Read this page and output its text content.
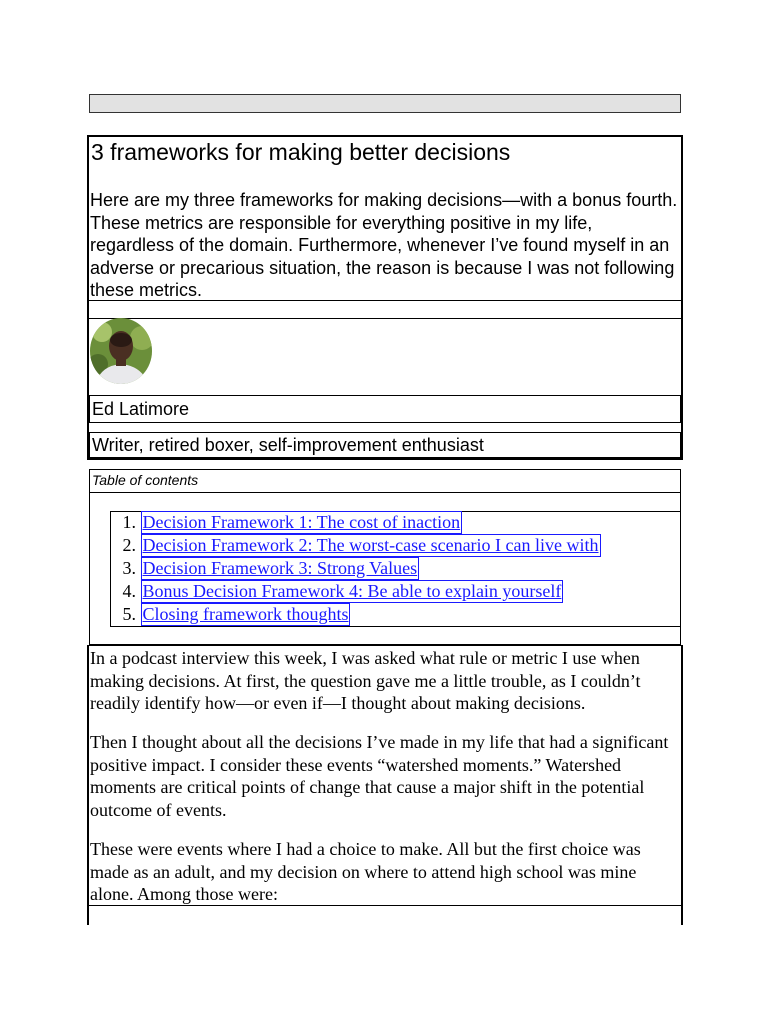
3 frameworks for making better decisions

Here are my three frameworks for making decisions—with a bonus fourth. These metrics are responsible for everything positive in my life, regardless of the domain. Furthermore, whenever I’ve found myself in an adverse or precarious situation, the reason is because I was not following these metrics.

Ed Latimore
Writer, retired boxer, self-improvement enthusiast
Table of contents
1.
Decision Framework 1: The cost of inaction
2.
Decision Framework 2: The worst-case scenario I can live with
3.
Decision Framework 3: Strong Values
4.
Bonus Decision Framework 4: Be able to explain yourself
5.
Closing framework thoughts

In a podcast interview this week, I was asked what rule or metric I use when making decisions. At first, the question gave me a little trouble, as I couldn’t readily identify how—or even if—I thought about making decisions.

Then I thought about all the decisions I’ve made in my life that had a significant positive impact. I consider these events “watershed moments.” Watershed moments are critical points of change that cause a major shift in the potential outcome of events.

These were events where I had a choice to make. All but the first choice was made as an adult, and my decision on where to attend high school was mine alone. Among those were:
